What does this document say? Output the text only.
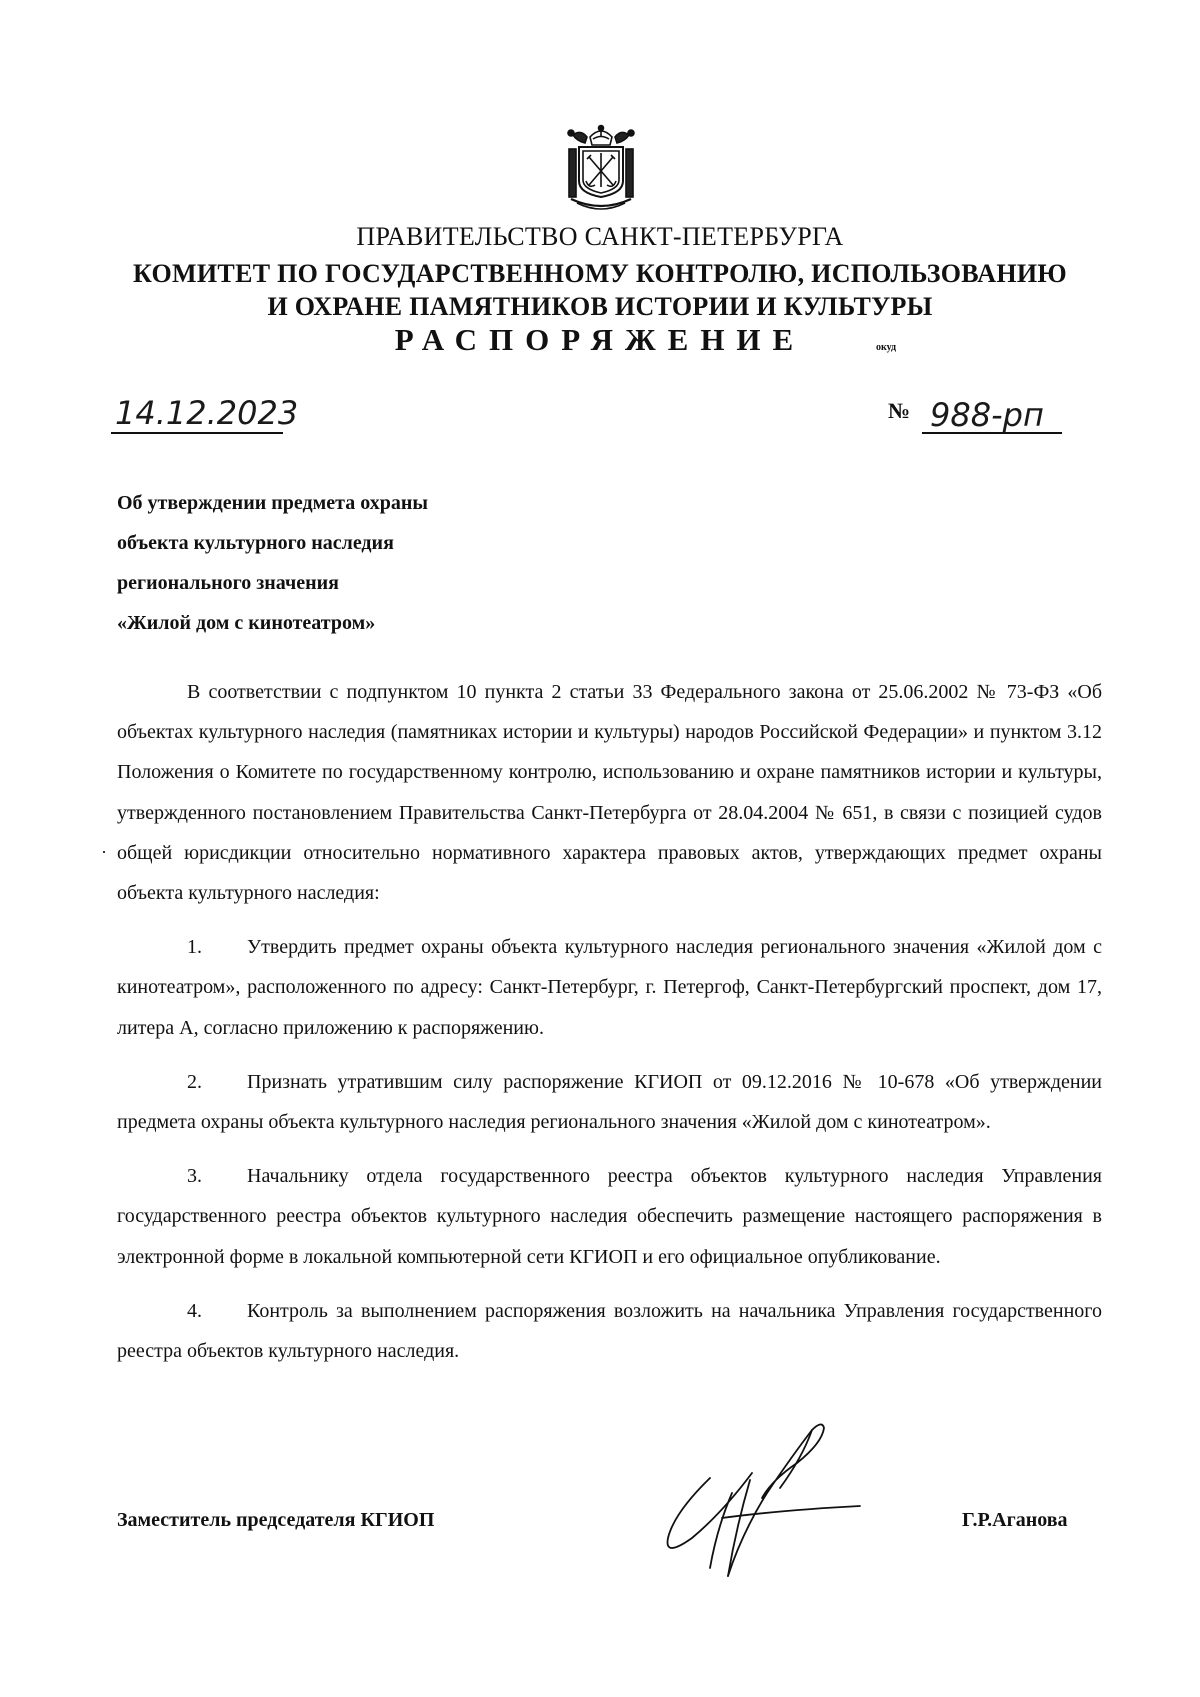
ПРАВИТЕЛЬСТВО САНКТ-ПЕТЕРБУРГА
КОМИТЕТ ПО ГОСУДАРСТВЕННОМУ КОНТРОЛЮ, ИСПОЛЬЗОВАНИЮ
И ОХРАНЕ ПАМЯТНИКОВ ИСТОРИИ И КУЛЬТУРЫ
РАСПОРЯЖЕНИЕ	окуд
14.12.2023	№ 988-рп
Об утверждении предмета охраны
объекта культурного наследия
регионального значения
«Жилой дом с кинотеатром»

В соответствии с подпунктом 10 пункта 2 статьи 33 Федерального закона от 25.06.2002 № 73-ФЗ «Об объектах культурного наследия (памятниках истории и культуры) народов Российской Федерации» и пунктом 3.12 Положения о Комитете по государственному контролю, использованию и охране памятников истории и культуры, утвержденного постановлением Правительства Санкт-Петербурга от 28.04.2004 № 651, в связи с позицией судов общей юрисдикции относительно нормативного характера правовых актов, утверждающих предмет охраны объекта культурного наследия:

1. Утвердить предмет охраны объекта культурного наследия регионального значения «Жилой дом с кинотеатром», расположенного по адресу: Санкт-Петербург, г. Петергоф, Санкт-Петербургский проспект, дом 17, литера А, согласно приложению к распоряжению.

2. Признать утратившим силу распоряжение КГИОП от 09.12.2016 № 10-678 «Об утверждении предмета охраны объекта культурного наследия регионального значения «Жилой дом с кинотеатром».

3. Начальнику отдела государственного реестра объектов культурного наследия Управления государственного реестра объектов культурного наследия обеспечить размещение настоящего распоряжения в электронной форме в локальной компьютерной сети КГИОП и его официальное опубликование.

4. Контроль за выполнением распоряжения возложить на начальника Управления государственного реестра объектов культурного наследия.

Заместитель председателя КГИОП	Г.Р.Аганова
